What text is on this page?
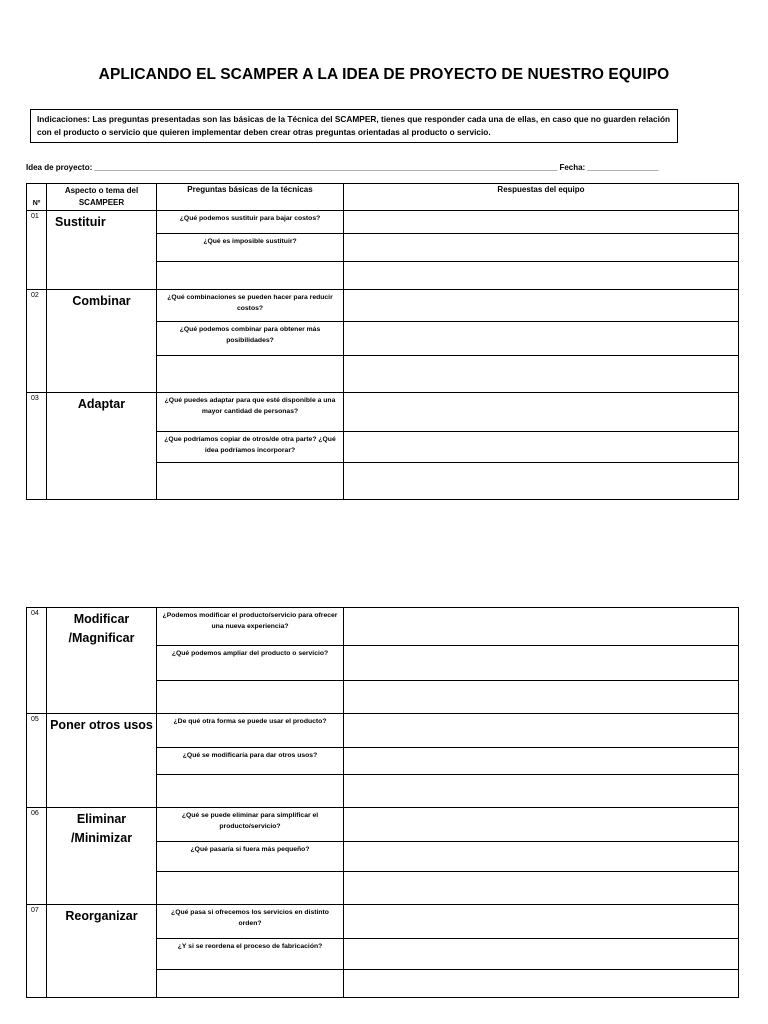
APLICANDO EL SCAMPER A LA IDEA DE PROYECTO DE NUESTRO EQUIPO
Indicaciones: Las preguntas presentadas son las básicas de la Técnica del SCAMPER, tienes que responder cada una de ellas, en caso que no guarden relación con el producto o servicio que quieren implementar deben crear otras preguntas orientadas al producto o servicio.
Idea de proyecto: ________________________________________________________________________________________________________ Fecha: ________________
Nº	Aspecto o tema del SCAMPEER	Preguntas básicas de la técnicas	Respuestas del equipo
01	Sustituir	¿Qué podemos sustituir para bajar costos?	
		¿Qué es imposible sustituir?	

02	Combinar	¿Qué combinaciones se pueden hacer para reducir costos?	
		¿Qué podemos combinar para obtener más posibilidades?	

03	Adaptar	¿Qué puedes adaptar para que esté disponible a una mayor cantidad de personas?	
		¿Que podríamos copiar de otros/de otra parte? ¿Qué idea podríamos incorporar?	

04	Modificar /Magnificar	¿Podemos modificar el producto/servicio para ofrecer una nueva experiencia?	
		¿Qué podemos ampliar del producto o servicio?	

05	Poner otros usos	¿De qué otra forma se puede usar el producto?	
		¿Qué se modificaría para dar otros usos?	

06	Eliminar /Minimizar	¿Qué se puede eliminar para simplificar el producto/servicio?	
		¿Qué pasaría si fuera más pequeño?	

07	Reorganizar	¿Qué pasa si ofrecemos los servicios en distinto orden?	
		¿Y si se reordena el proceso de fabricación?	
